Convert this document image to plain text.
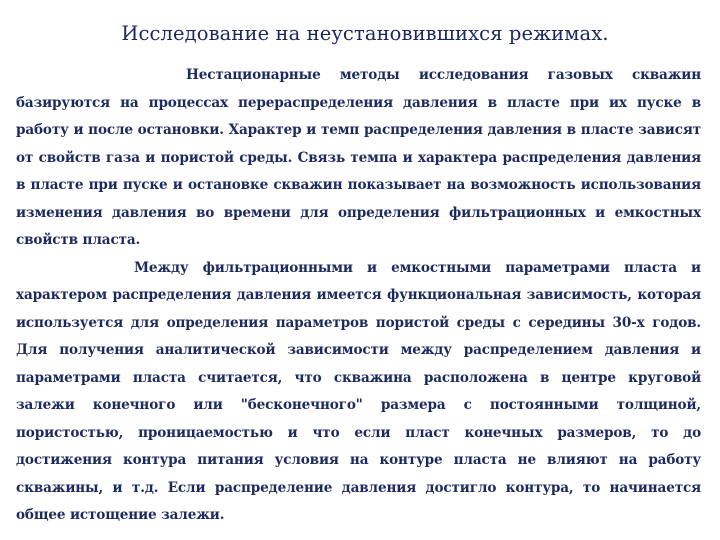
Исследование на неустановившихся режимах.

Нестационарные методы исследования газовых скважин базируются на процессах перераспределения давления в пласте при их пуске в работу и после остановки. Характер и темп распределения давления в пласте зависят от свойств газа и пористой среды. Связь темпа и характера распределения давления в пласте при пуске и остановке скважин показывает на возможность использования изменения давления во времени для определения фильтрационных и емкостных свойств пласта.

Между фильтрационными и емкостными параметрами пласта и характером распределения давления имеется функциональная зависимость, которая используется для определения параметров пористой среды с середины 30-х годов. Для получения аналитической зависимости между распределением давления и параметрами пласта считается, что скважина расположена в центре круговой залежи конечного или "бесконечного" размера с постоянными толщиной, пористостью, проницаемостью и что если пласт конечных размеров, то до достижения контура питания условия на контуре пласта не влияют на работу скважины, и т.д. Если распределение давления достигло контура, то начинается общее истощение залежи.
